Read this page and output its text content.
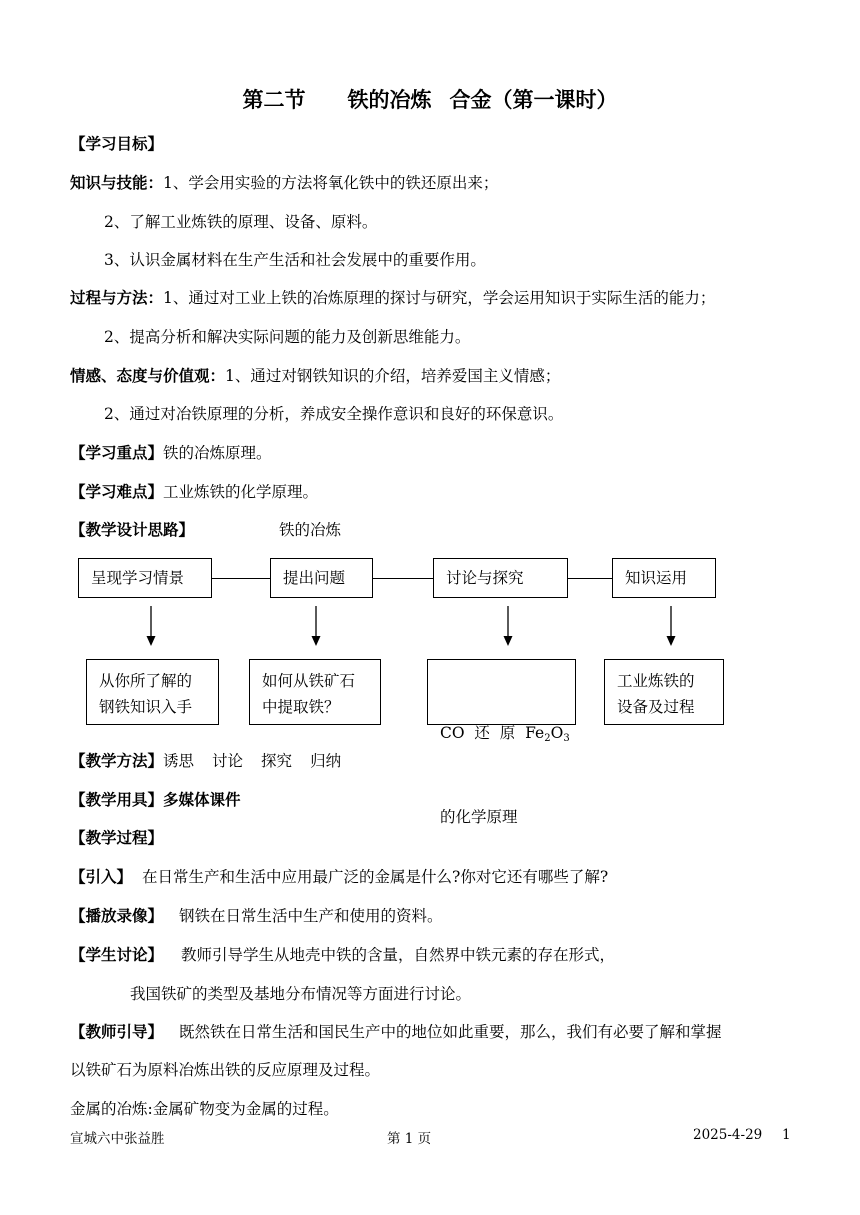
第二节 铁的冶炼 合金（第一课时）
【学习目标】
知识与技能：1、学会用实验的方法将氧化铁中的铁还原出来；
2、了解工业炼铁的原理、设备、原料。
3、认识金属材料在生产生活和社会发展中的重要作用。
过程与方法：1、通过对工业上铁的冶炼原理的探讨与研究，学会运用知识于实际生活的能力；
2、提高分析和解决实际问题的能力及创新思维能力。
情感、态度与价值观：1、通过对钢铁知识的介绍，培养爱国主义情感；
2、通过对冶铁原理的分析，养成安全操作意识和良好的环保意识。
【学习重点】铁的冶炼原理。
【学习难点】工业炼铁的化学原理。
【教学设计思路】	铁的冶炼
呈现学习情景	提出问题	讨论与探究	知识运用
从你所了解的
钢铁知识入手
如何从铁矿石
中提取铁？

CO  还  原  $Fe_2O_3$

的化学原理

工业炼铁的
设备及过程
【教学方法】诱思 讨论 探究 归纳
【教学用具】多媒体课件
【教学过程】
【引入】 在日常生产和生活中应用最广泛的金属是什么?你对它还有哪些了解?
【播放录像】 钢铁在日常生活中生产和使用的资料。
【学生讨论】 教师引导学生从地壳中铁的含量，自然界中铁元素的存在形式，
我国铁矿的类型及基地分布情况等方面进行讨论。
【教师引导】 既然铁在日常生活和国民生产中的地位如此重要，那么，我们有必要了解和掌握
以铁矿石为原料冶炼出铁的反应原理及过程。
金属的冶炼:金属矿物变为金属的过程。
宣城六中张益胜	第 1 页	2025-4-29 1
